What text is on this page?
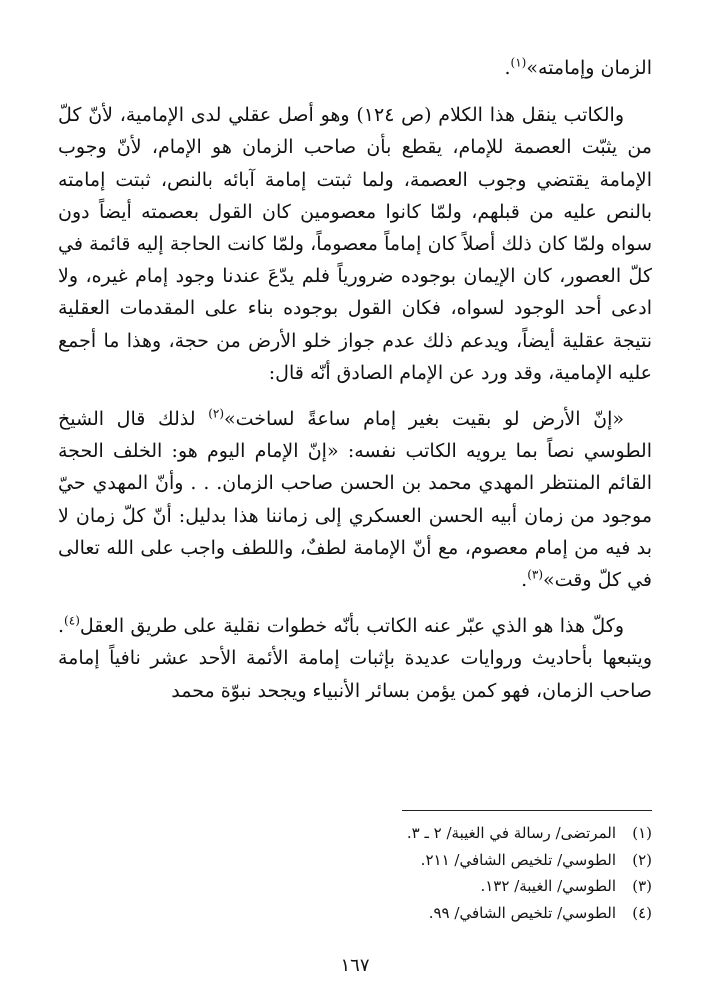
الزمان وإمامته»$^{(١)}$.

والكاتب ينقل هذا الكلام (ص ١٢٤) وهو أصل عقلي لدى الإمامية، لأنّ كلّ من يثبّت العصمة للإمام، يقطع بأن صاحب الزمان هو الإمام، لأنّ وجوب الإمامة يقتضي وجوب العصمة، ولما ثبتت إمامة آبائه بالنص، ثبتت إمامته بالنص عليه من قبلهم، ولمّا كانوا معصومين كان القول بعصمته أيضاً دون سواه ولمّا كان ذلك أصلاً كان إماماً معصوماً، ولمّا كانت الحاجة إليه قائمة في كلّ العصور، كان الإيمان بوجوده ضرورياً فلم يدّعَ عندنا وجود إمام غيره، ولا ادعى أحد الوجود لسواه، فكان القول بوجوده بناء على المقدمات العقلية نتيجة عقلية أيضاً، ويدعم ذلك عدم جواز خلو الأرض من حجة، وهذا ما أجمع عليه الإمامية، وقد ورد عن الإمام الصادق أنّه قال:

«إنّ الأرض لو بقيت بغير إمام ساعةً لساخت»$^{(٢)}$ لذلك قال الشيخ الطوسي نصاً بما يرويه الكاتب نفسه: «إنّ الإمام اليوم هو: الخلف الحجة القائم المنتظر المهدي محمد بن الحسن صاحب الزمان. . . وأنّ المهدي حيّ موجود من زمان أبيه الحسن العسكري إلى زماننا هذا بدليل: أنّ كلّ زمان لا بد فيه من إمام معصوم، مع أنّ الإمامة لطفٌ، واللطف واجب على الله تعالى في كلّ وقت»$^{(٣)}$.

وكلّ هذا هو الذي عبّر عنه الكاتب بأنّه خطوات نقلية على طريق العقل$^{(٤)}$. ويتبعها بأحاديث وروايات عديدة بإثبات إمامة الأئمة الأحد عشر نافياً إمامة صاحب الزمان، فهو كمن يؤمن بسائر الأنبياء ويجحد نبوّة محمد

(١)المرتضى/ رسالة في الغيبة/ ٢ ـ ٣.

(٢)الطوسي/ تلخيص الشافي/ ٢١١.

(٣)الطوسي/ الغيبة/ ١٣٢.

(٤)الطوسي/ تلخيص الشافي/ ٩٩.

١٦٧
